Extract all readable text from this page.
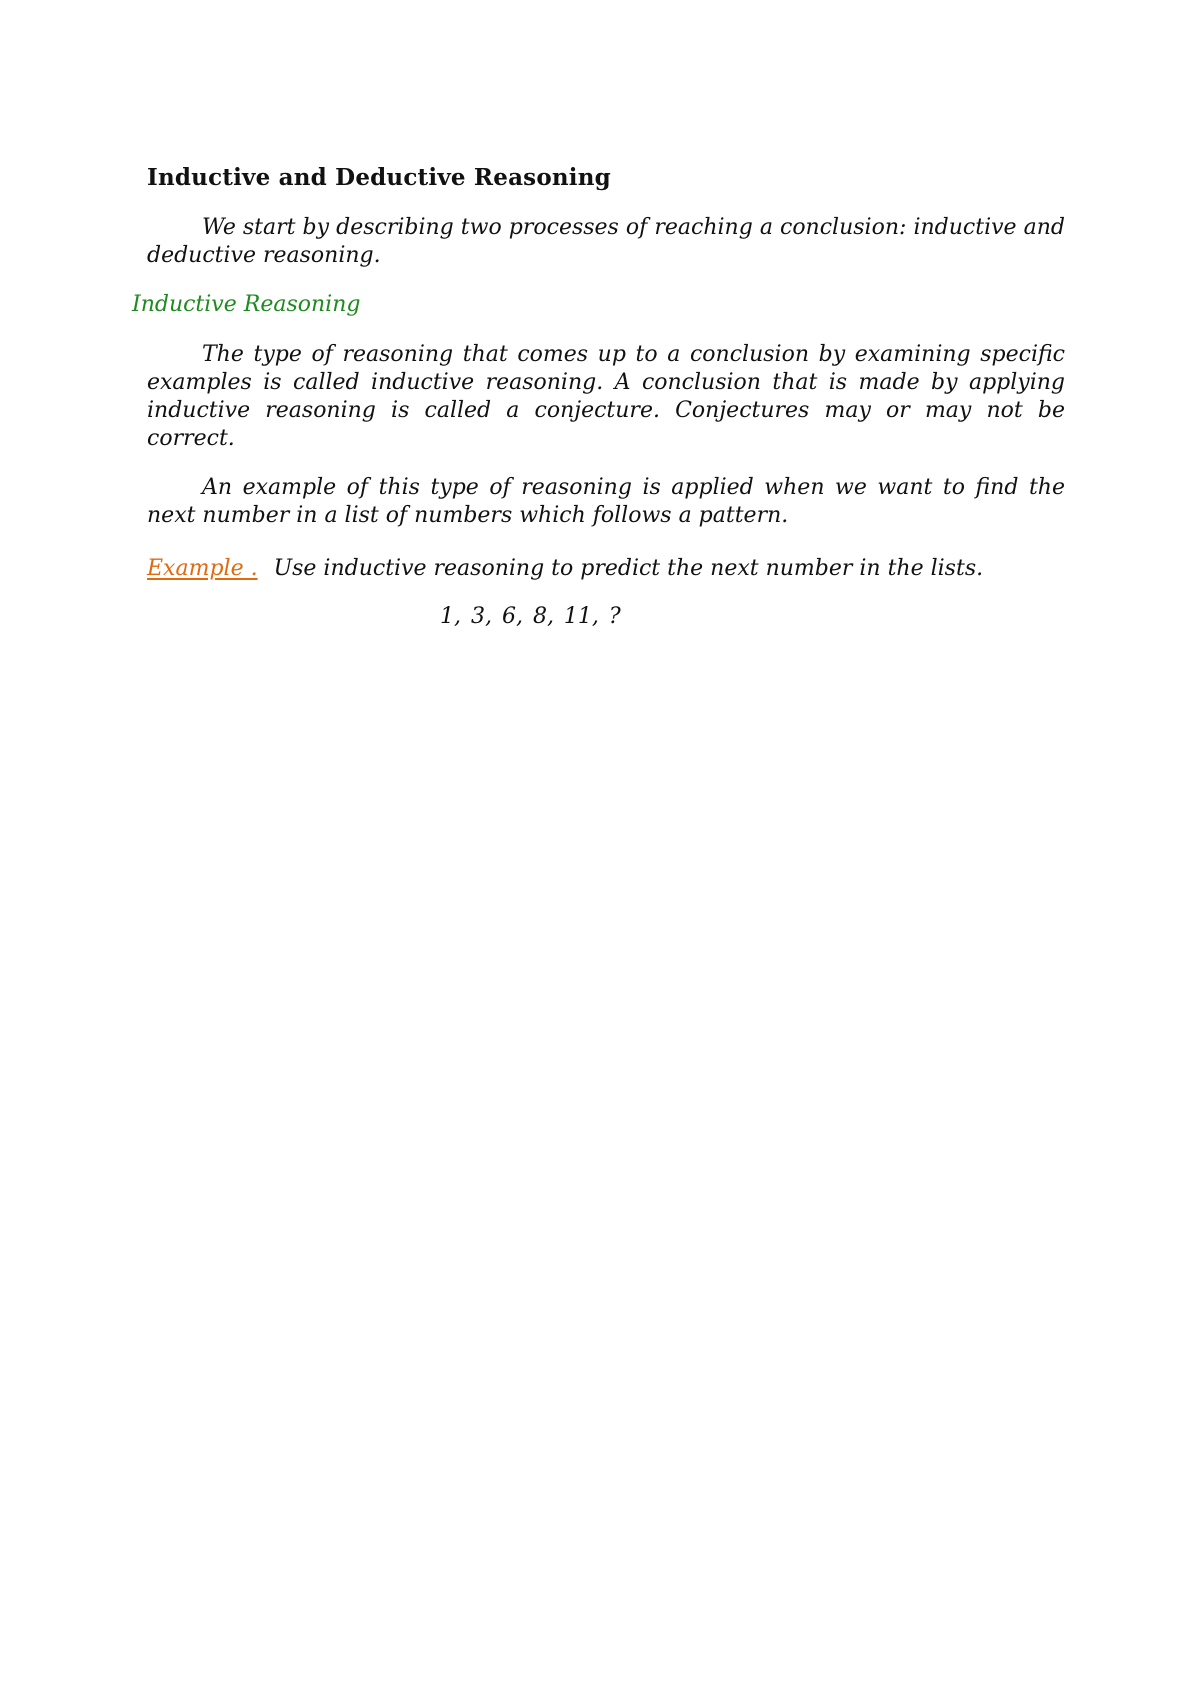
Inductive and Deductive Reasoning
We start by describing two processes of reaching a conclusion: inductive and deductive reasoning.
Inductive Reasoning
The type of reasoning that comes up to a conclusion by examining specific examples is called inductive reasoning. A conclusion that is made by applying inductive reasoning is called a conjecture. Conjectures may or may not be correct.
An example of this type of reasoning is applied when we want to find the next number in a list of numbers which follows a pattern.
Example . Use inductive reasoning to predict the next number in the lists.
1, 3, 6, 8, 11, ?
